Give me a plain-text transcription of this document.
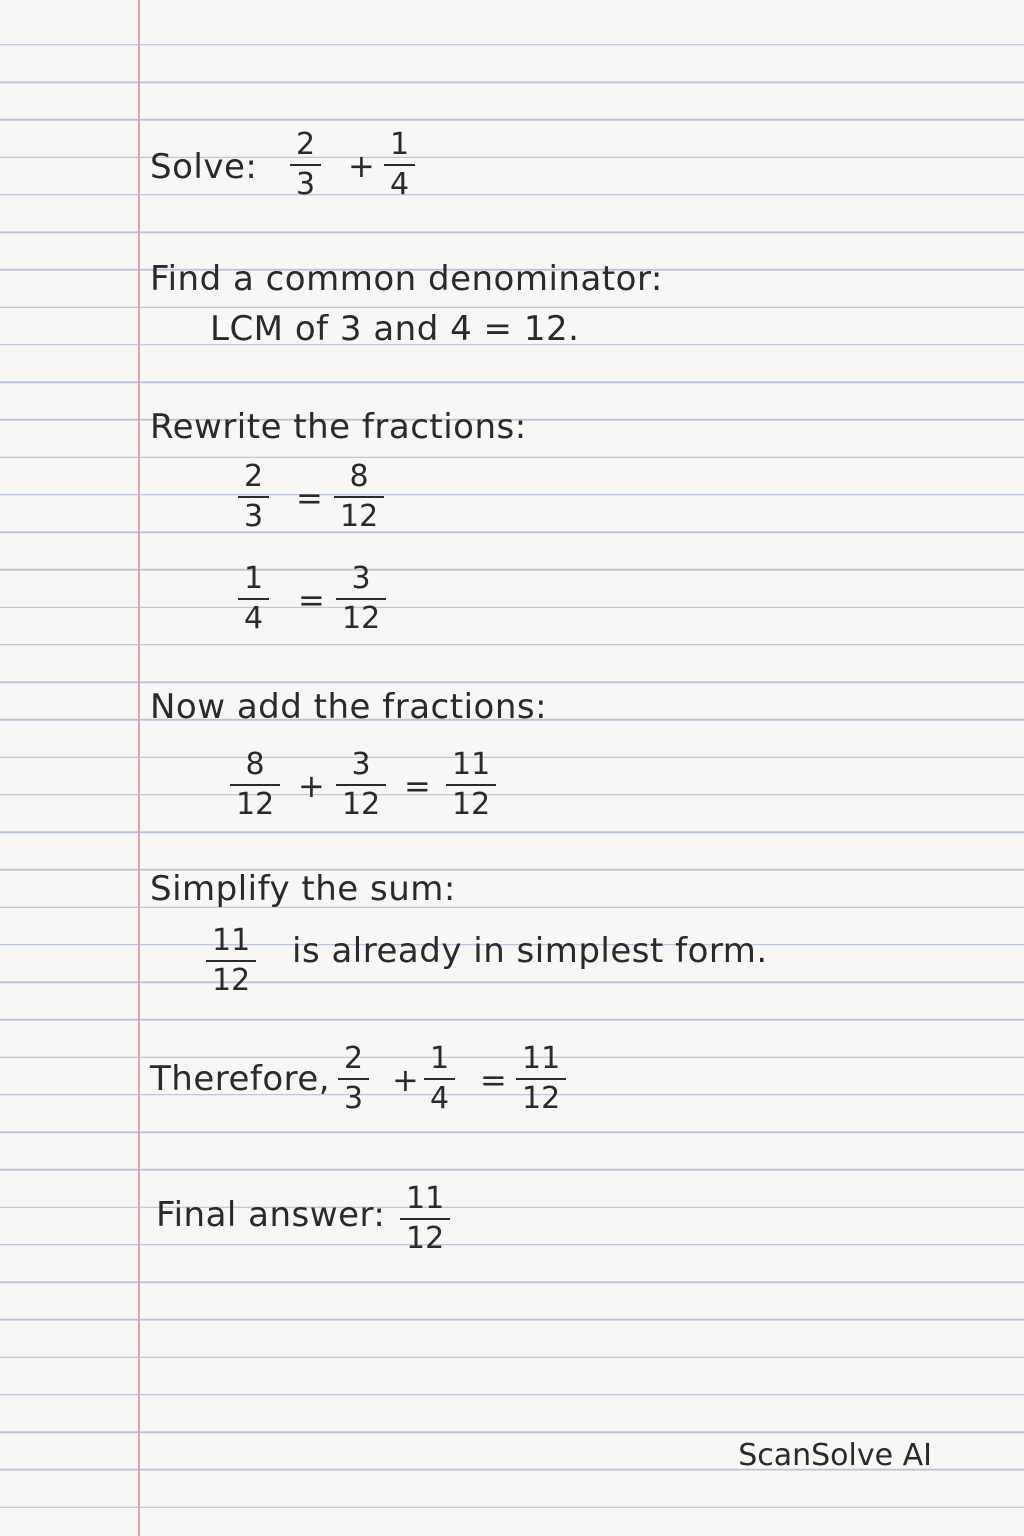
Solve:
2
3 +
1
4
Find a common denominator:
LCM of 3 and 4 = 12.
Rewrite the fractions:
2
3 =
8
12
1
4 =
3
12
Now add the fractions:
8
12 +
3
12 =
11
12
Simplify the sum:
11
12
is already in simplest form.
Therefore,
2
3 +
1
4 =
11
12
Final answer: 11
12
ScanSolve AI
